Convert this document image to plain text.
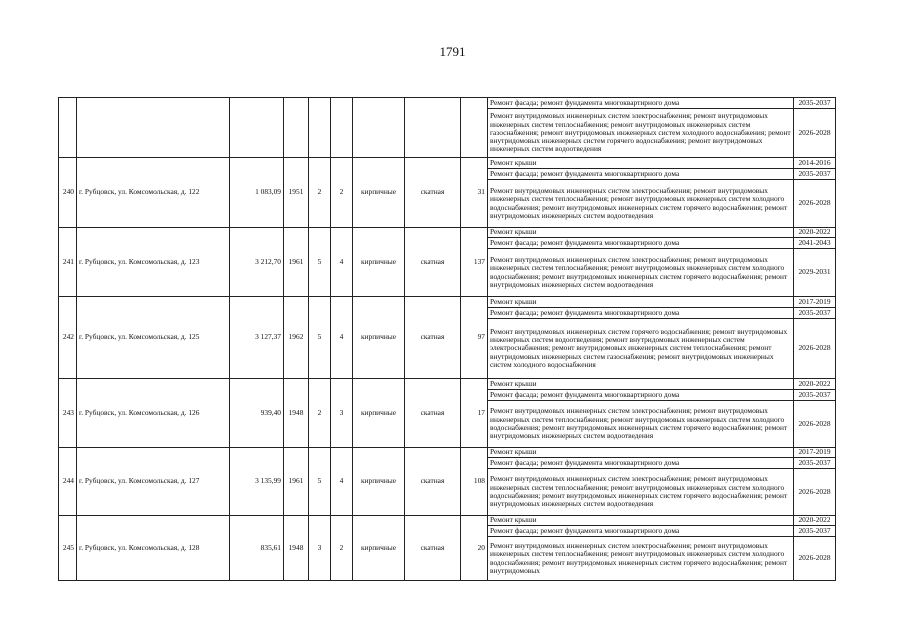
1791
									Ремонт фасада; ремонт фундамента многоквартирного дома	2035-2037
									Ремонт внутридомовых инженерных систем электроснабжения; ремонт внутридомовых инженерных систем теплоснабжения; ремонт внутридомовых инженерных систем газоснабжения; ремонт внутридомовых инженерных систем холодного водоснабжения; ремонт внутридомовых инженерных систем горячего водоснабжения; ремонт внутридомовых инженерных систем водоотведения	2026-2028
240	г. Рубцовск, ул. Комсомольская, д. 122	1 083,09	1951	2	2	кирпичные	скатная	31	Ремонт крыши	2014-2016
									Ремонт фасада; ремонт фундамента многоквартирного дома	2035-2037
									Ремонт внутридомовых инженерных систем электроснабжения; ремонт внутридомовых инженерных систем теплоснабжения; ремонт внутридомовых инженерных систем холодного водоснабжения; ремонт внутридомовых инженерных систем горячего водоснабжения; ремонт внутридомовых инженерных систем водоотведения	2026-2028
241	г. Рубцовск, ул. Комсомольская, д. 123	3 212,70	1961	5	4	кирпичные	скатная	137	Ремонт крыши	2020-2022
									Ремонт фасада; ремонт фундамента многоквартирного дома	2041-2043
									Ремонт внутридомовых инженерных систем электроснабжения; ремонт внутридомовых инженерных систем теплоснабжения; ремонт внутридомовых инженерных систем холодного водоснабжения; ремонт внутридомовых инженерных систем горячего водоснабжения; ремонт внутридомовых инженерных систем водоотведения	2029-2031
242	г. Рубцовск, ул. Комсомольская, д. 125	3 127,37	1962	5	4	кирпичные	скатная	97	Ремонт крыши	2017-2019
									Ремонт фасада; ремонт фундамента многоквартирного дома	2035-2037
									Ремонт внутридомовых инженерных систем горячего водоснабжения; ремонт внутридомовых инженерных систем водоотведения; ремонт внутридомовых инженерных систем электроснабжения; ремонт внутридомовых инженерных систем теплоснабжения; ремонт внутридомовых инженерных систем газоснабжения; ремонт внутридомовых инженерных систем холодного водоснабжения	2026-2028
243	г. Рубцовск, ул. Комсомольская, д. 126	939,40	1948	2	3	кирпичные	скатная	17	Ремонт крыши	2020-2022
									Ремонт фасада; ремонт фундамента многоквартирного дома	2035-2037
									Ремонт внутридомовых инженерных систем электроснабжения; ремонт внутридомовых инженерных систем теплоснабжения; ремонт внутридомовых инженерных систем холодного водоснабжения; ремонт внутридомовых инженерных систем горячего водоснабжения; ремонт внутридомовых инженерных систем водоотведения	2026-2028
244	г. Рубцовск, ул. Комсомольская, д. 127	3 135,99	1961	5	4	кирпичные	скатная	108	Ремонт крыши	2017-2019
									Ремонт фасада; ремонт фундамента многоквартирного дома	2035-2037
									Ремонт внутридомовых инженерных систем электроснабжения; ремонт внутридомовых инженерных систем теплоснабжения; ремонт внутридомовых инженерных систем холодного водоснабжения; ремонт внутридомовых инженерных систем горячего водоснабжения; ремонт внутридомовых инженерных систем водоотведения	2026-2028
245	г. Рубцовск, ул. Комсомольская, д. 128	835,61	1948	3	2	кирпичные	скатная	20	Ремонт крыши	2020-2022
									Ремонт фасада; ремонт фундамента многоквартирного дома	2035-2037
									Ремонт внутридомовых инженерных систем электроснабжения; ремонт внутридомовых инженерных систем теплоснабжения; ремонт внутридомовых инженерных систем холодного водоснабжения; ремонт внутридомовых инженерных систем горячего водоснабжения; ремонт внутридомовых	2026-2028
